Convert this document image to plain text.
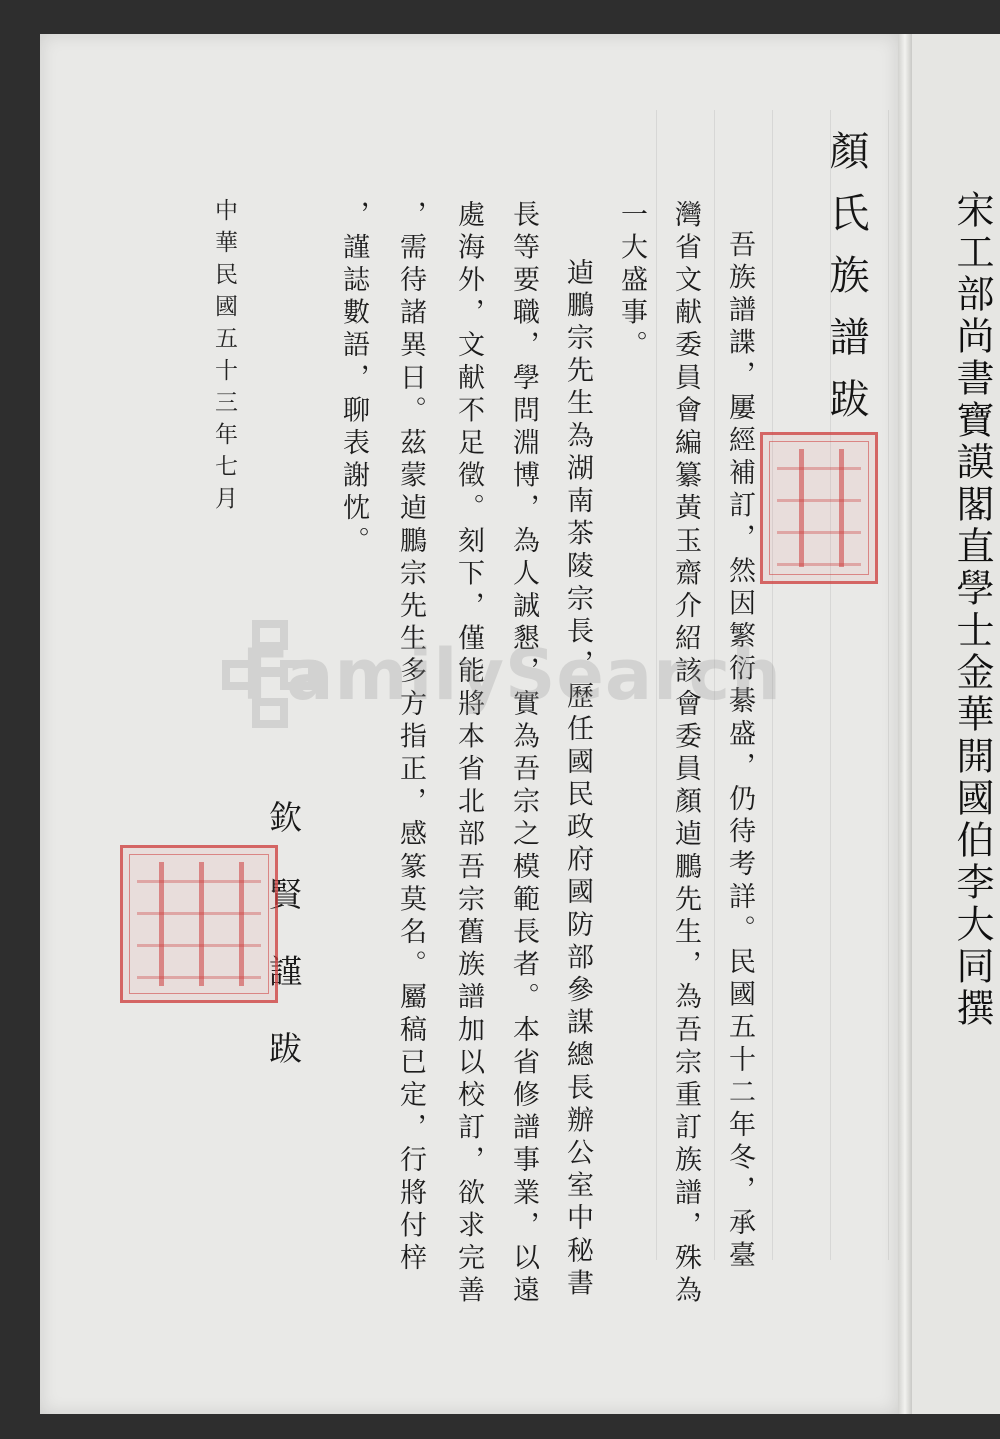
顏氏族譜跋
吾族譜諜，屢經補訂，然因繁衍綦盛，仍待考詳。民國五十二年冬，承臺
灣省文献委員會編纂黃玉齋介紹該會委員顏逌鵬先生，為吾宗重訂族譜，殊為
一大盛事。
逌鵬宗先生為湖南茶陵宗長，歷任國民政府國防部參謀總長辦公室中秘書
長等要職，學問淵博，為人誠懇，實為吾宗之模範長者。本省修譜事業，以遠
處海外，文献不足徵。刻下，僅能將本省北部吾宗舊族譜加以校訂，欲求完善
，需待諸異日。茲蒙逌鵬宗先生多方指正，感篆莫名。屬稿已定，行將付梓
，謹誌數語，聊表謝忱。
中華民國五十三年七月
欽賢謹跋	宋工部尚書寶謨閣直學士金華開國伯李大同撰
FamilySearch
